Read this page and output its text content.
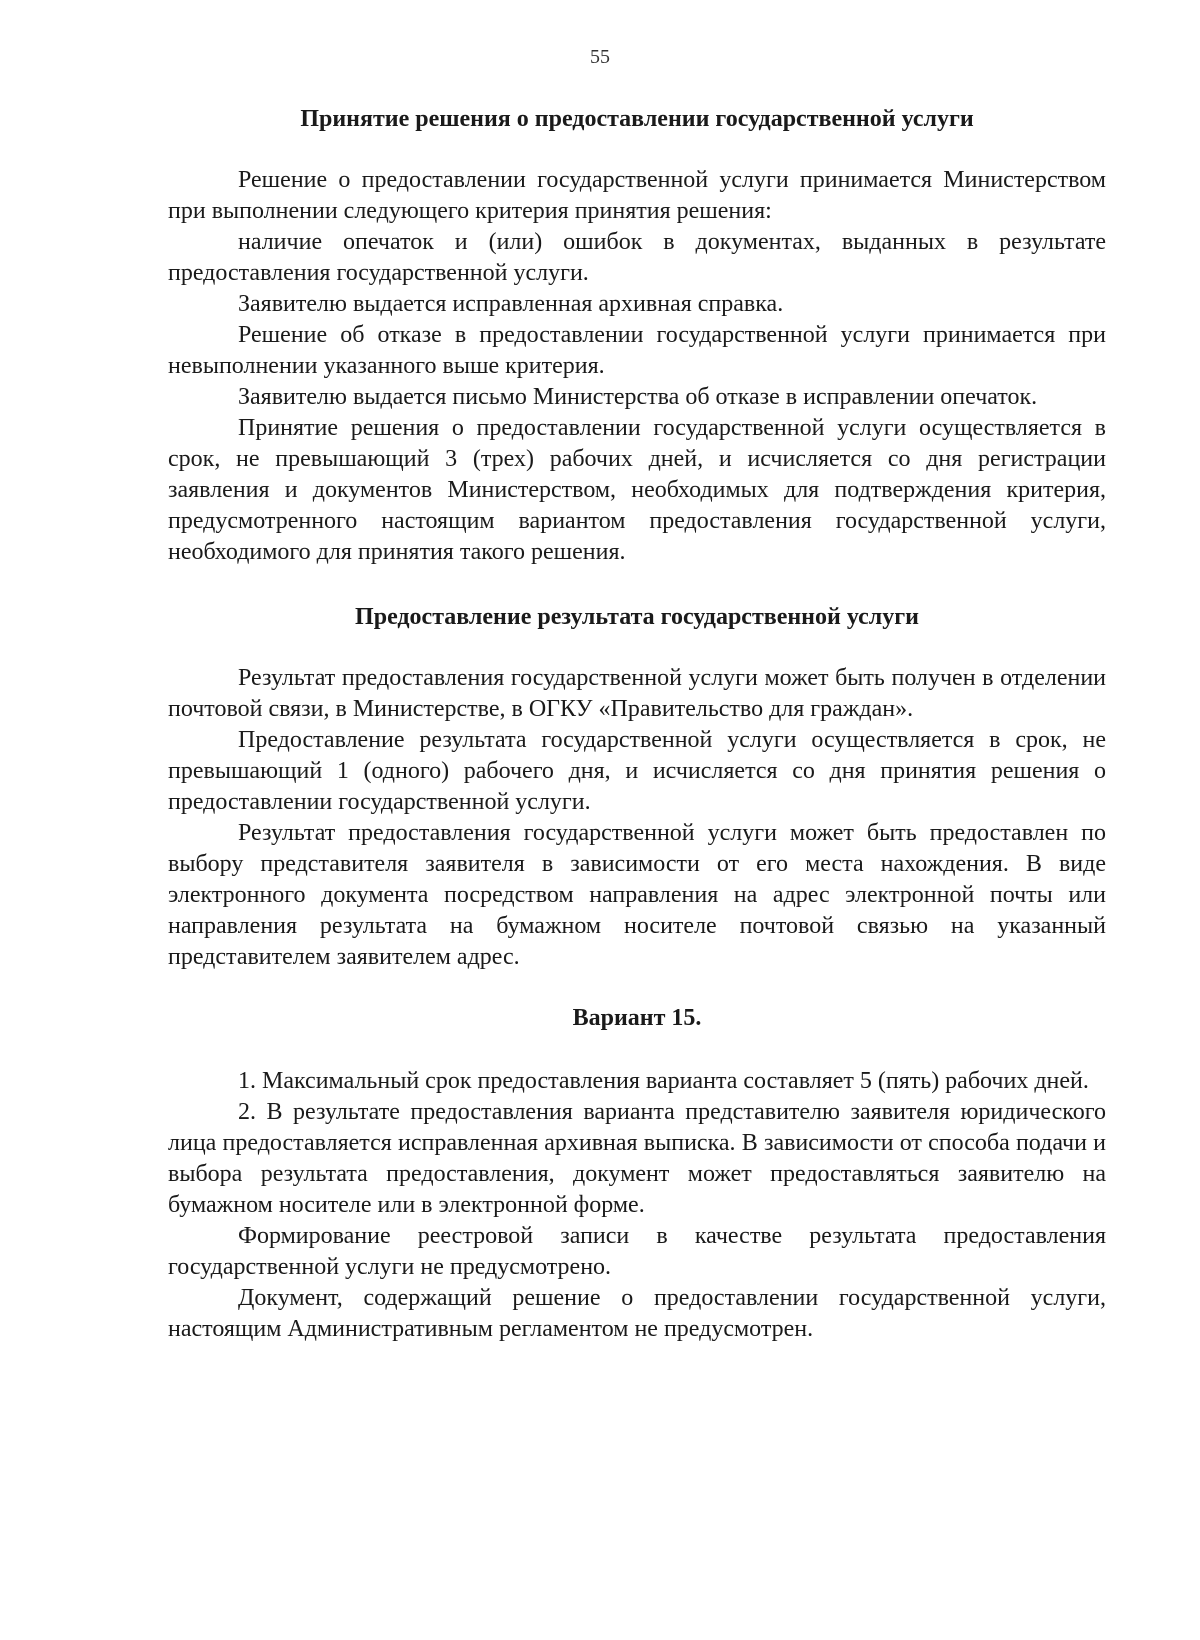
55
Принятие решения о предоставлении государственной услуги

Решение о предоставлении государственной услуги принимается Министерством при выполнении следующего критерия принятия решения:

наличие опечаток и (или) ошибок в документах, выданных в результате предоставления государственной услуги.

Заявителю выдается исправленная архивная справка.

Решение об отказе в предоставлении государственной услуги принимается при невыполнении указанного выше критерия.

Заявителю выдается письмо Министерства об отказе в исправлении опечаток.

Принятие решения о предоставлении государственной услуги осуществляется в срок, не превышающий 3 (трех) рабочих дней, и исчисляется со дня регистрации заявления и документов Министерством, необходимых для подтверждения критерия, предусмотренного настоящим вариантом предоставления государственной услуги, необходимого для принятия такого решения.

Предоставление результата государственной услуги

Результат предоставления государственной услуги может быть получен в отделении почтовой связи, в Министерстве, в ОГКУ «Правительство для граждан».

Предоставление результата государственной услуги осуществляется в срок, не превышающий 1 (одного) рабочего дня, и исчисляется со дня принятия решения о предоставлении государственной услуги.

Результат предоставления государственной услуги может быть предоставлен по выбору представителя заявителя в зависимости от его места нахождения. В виде электронного документа посредством направления на адрес электронной почты или направления результата на бумажном носителе почтовой связью на указанный представителем заявителем адрес.

Вариант 15.

1. Максимальный срок предоставления варианта составляет 5 (пять) рабочих дней.

2. В результате предоставления варианта представителю заявителя юридического лица предоставляется исправленная архивная выписка. В зависимости от способа подачи и выбора результата предоставления, документ может предоставляться заявителю на бумажном носителе или в электронной форме.

Формирование реестровой записи в качестве результата предоставления государственной услуги не предусмотрено.

Документ, содержащий решение о предоставлении государственной услуги, настоящим Административным регламентом не предусмотрен.
